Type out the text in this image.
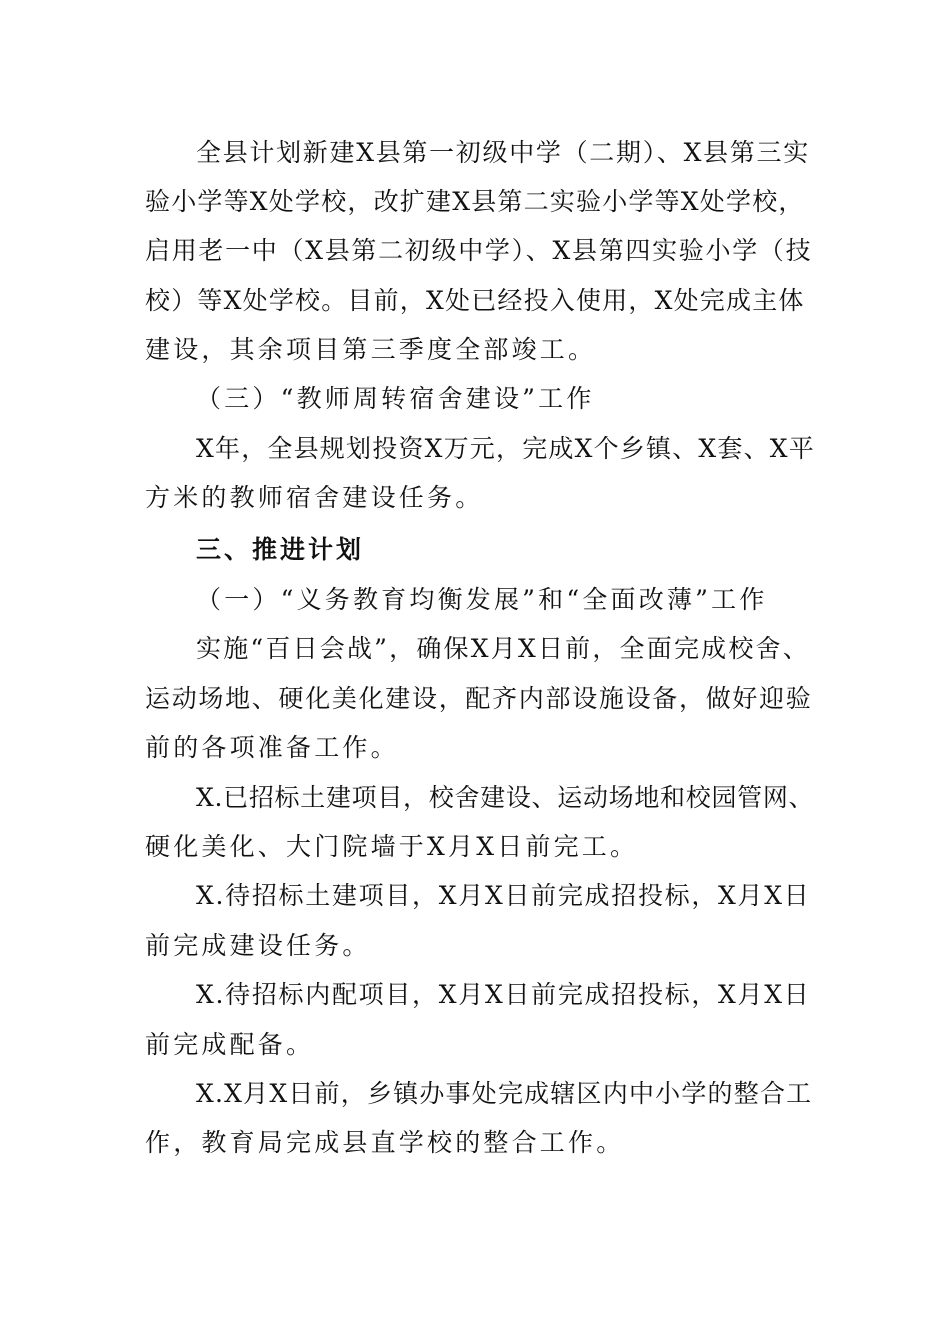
全县计划新建X县第一初级中学（二期）、X县第三实
验小学等X处学校，改扩建X县第二实验小学等X处学校，
启用老一中（X县第二初级中学）、X县第四实验小学（技
校）等X处学校。目前，X处已经投入使用，X处完成主体
建设，其余项目第三季度全部竣工。
（三）“教师周转宿舍建设”工作
X年，全县规划投资X万元，完成X个乡镇、X套、X平
方米的教师宿舍建设任务。
三、推进计划
（一）“义务教育均衡发展”和“全面改薄”工作
实施“百日会战”，确保X月X日前，全面完成校舍、
运动场地、硬化美化建设，配齐内部设施设备，做好迎验
前的各项准备工作。
X.已招标土建项目，校舍建设、运动场地和校园管网、
硬化美化、大门院墙于X月X日前完工。
X.待招标土建项目，X月X日前完成招投标，X月X日
前完成建设任务。
X.待招标内配项目，X月X日前完成招投标，X月X日
前完成配备。
X.X月X日前，乡镇办事处完成辖区内中小学的整合工
作，教育局完成县直学校的整合工作。
